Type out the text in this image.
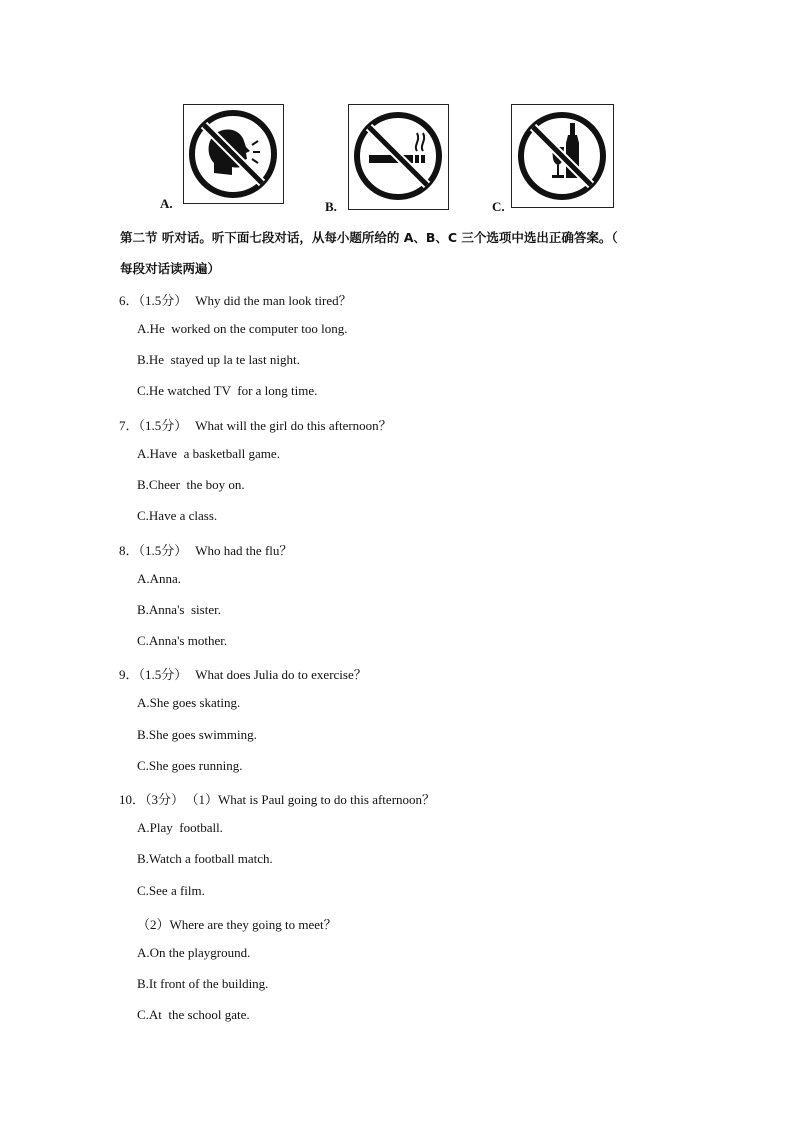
A.	B.	C.
第二节 听对话。听下面七段对话，从每小题所给的 A、B、C 三个选项中选出正确答案。（
每段对话读两遍）
6．（1.5分） Why did the man look tired？
A.He  worked on the computer too long.
B.He  stayed up la te last night.
C.He watched TV  for a long time.
7．（1.5分） What will the girl do this afternoon？
A.Have  a basketball game.
B.Cheer  the boy on.
C.Have a class.
8．（1.5分） Who had the flu？
A.Anna.
B.Anna's  sister.
C.Anna's mother.
9．（1.5分） What does Julia do to exercise？
A.She goes skating.
B.She goes swimming.
C.She goes running.
10．（3分） （1）What is Paul going to do this afternoon？
A.Play  football.
B.Watch a football match.
C.See a film.
（2）Where are they going to meet？
A.On the playground.
B.It front of the building.
C.At  the school gate.
